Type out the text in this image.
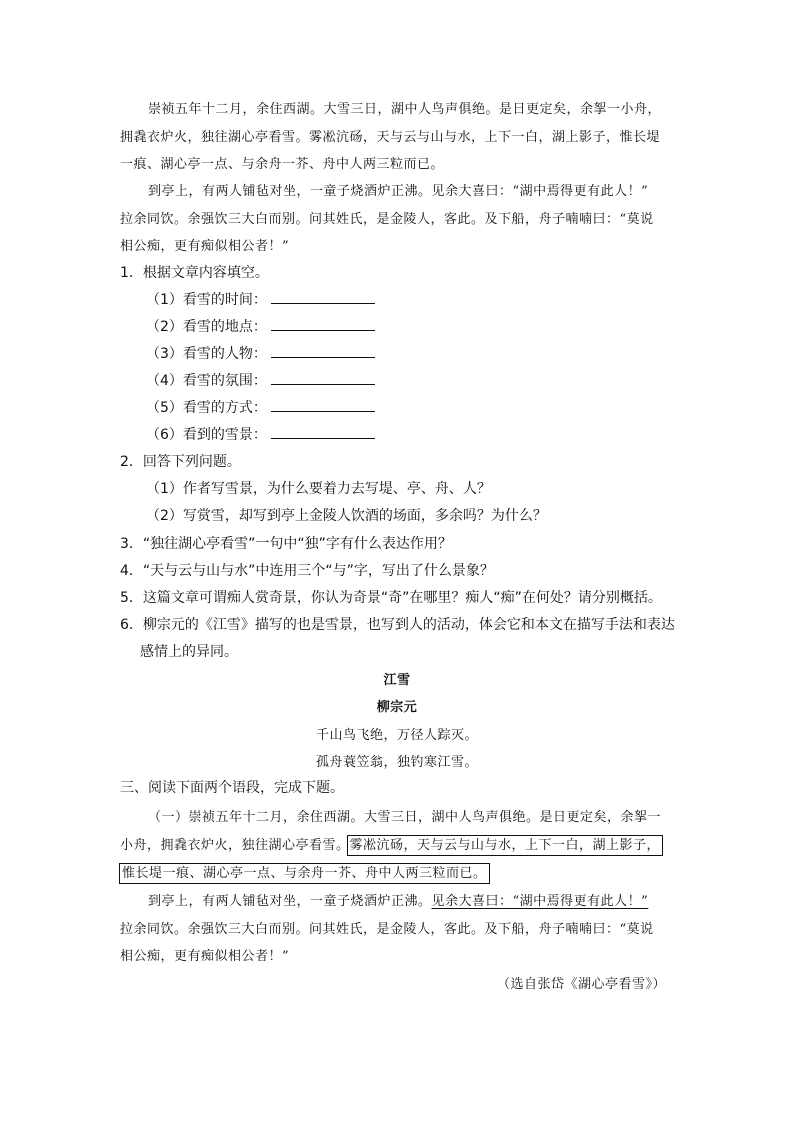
崇祯五年十二月，余住西湖。大雪三日，湖中人鸟声俱绝。是日更定矣，余挐一小舟，
拥毳衣炉火，独往湖心亭看雪。雾凇沆砀，天与云与山与水，上下一白，湖上影子，惟长堤
一痕、湖心亭一点、与余舟一芥、舟中人两三粒而已。
到亭上，有两人铺毡对坐，一童子烧酒炉正沸。见余大喜曰：“湖中焉得更有此人！”
拉余同饮。余强饮三大白而别。问其姓氏，是金陵人，客此。及下船，舟子喃喃曰：“莫说
相公痴，更有痴似相公者！”
1．根据文章内容填空。
（1）看雪的时间：
（2）看雪的地点：
（3）看雪的人物：
（4）看雪的氛围：
（5）看雪的方式：
（6）看到的雪景：
2．回答下列问题。
（1）作者写雪景，为什么要着力去写堤、亭、舟、人？
（2）写赏雪，却写到亭上金陵人饮酒的场面，多余吗？为什么？
3．“独往湖心亭看雪”一句中“独”字有什么表达作用？
4．“天与云与山与水”中连用三个“与”字，写出了什么景象？
5．这篇文章可谓痴人赏奇景，你认为奇景“奇”在哪里？痴人“痴”在何处？请分别概括。
6．柳宗元的《江雪》描写的也是雪景，也写到人的活动，体会它和本文在描写手法和表达
感情上的异同。
江雪
柳宗元
千山鸟飞绝，万径人踪灭。
孤舟蓑笠翁，独钓寒江雪。
三、阅读下面两个语段，完成下题。
（一）崇祯五年十二月，余住西湖。大雪三日，湖中人鸟声俱绝。是日更定矣，余挐一
小舟，拥毳衣炉火，独往湖心亭看雪。雾凇沆砀，天与云与山与水，上下一白，湖上影子，
惟长堤一痕、湖心亭一点、与余舟一芥、舟中人两三粒而已。
到亭上，有两人铺毡对坐，一童子烧酒炉正沸。见余大喜曰：“湖中焉得更有此人！”
拉余同饮。余强饮三大白而别。问其姓氏，是金陵人，客此。及下船，舟子喃喃曰：“莫说
相公痴，更有痴似相公者！”
（选自张岱《湖心亭看雪》）
